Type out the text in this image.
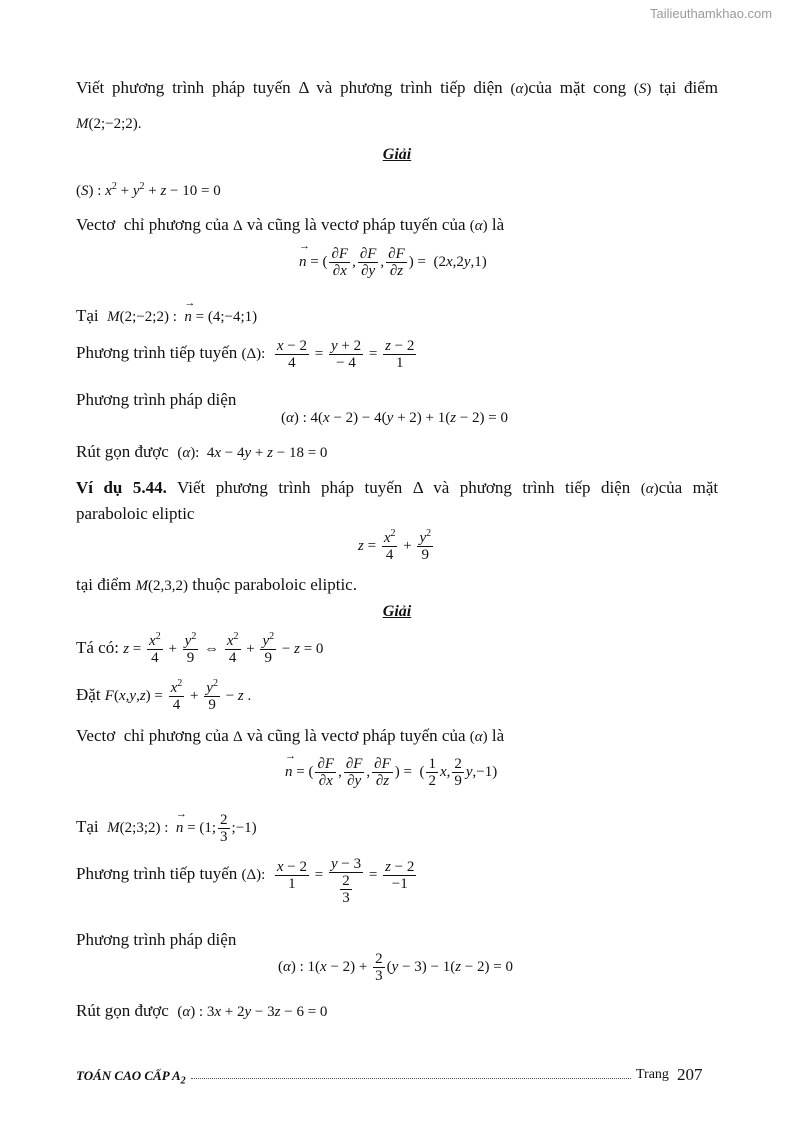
Tailieuthamkhao.com
Viết phương trình pháp tuyến Δ và phương trình tiếp diện (α)của mặt cong (S) tại điểm
M(2;−2;2).
Giải
(S) : $x^2 + y^2 + z - 10 = 0$
Vectơ  chỉ phương của Δ và cũng là vectơ pháp tuyến của (α) là
→ n = ( $\frac{\partial F}{\partial x}$ , $\frac{\partial F}{\partial y}$ , $\frac{\partial F}{\partial z}$ ) =  (2x,2y,1)
Tại  M(2;−2;2) :  → n = (4;−4;1)
Phương trình tiếp tuyến (Δ): $\frac{x - 2}{4} = \frac{y + 2}{- 4} = \frac{z - 2}{1}$
Phương trình pháp diện
(α) : 4(x − 2) − 4(y + 2) + 1(z − 2) = 0
Rút gọn được  (α):  4x − 4y + z − 18 = 0
Ví dụ 5.44. Viết phương trình pháp tuyến Δ và phương trình tiếp diện (α)của mặt
paraboloic eliptic
$z = \frac{x^2}{4} + \frac{y^2}{9}$
tại điểm M(2,3,2) thuộc paraboloic eliptic.
Giải
Tá có: $z = \frac{x^2}{4} + \frac{y^2}{9}$ ⇔ $\frac{x^2}{4} + \frac{y^2}{9} - z = 0$
Đặt $F(x,y,z) = \frac{x^2}{4} + \frac{y^2}{9} - z$ .
Vectơ  chỉ phương của Δ và cũng là vectơ pháp tuyến của (α) là
→ n = ( $\frac{\partial F}{\partial x}$ , $\frac{\partial F}{\partial y}$ , $\frac{\partial F}{\partial z}$ ) =  ( $\frac{1}{2} x$, $\frac{2}{9} y,-1$)
Tại  M(2;3;2) :  → n = (1; $\frac{2}{3}$ ;−1)
Phương trình tiếp tuyến (Δ): $\frac{x - 2}{1} = \frac{y - 3}{\frac{2}{3}} = \frac{z - 2}{-1}$
Phương trình pháp diện
(α) : $1(x - 2) + \frac{2}{3} (y - 3) - 1(z - 2) = 0$
Rút gọn được  (α) : 3x + 2y − 3z − 6 = 0
TOÁN CAO CẤP $A_2$	Trang 207
